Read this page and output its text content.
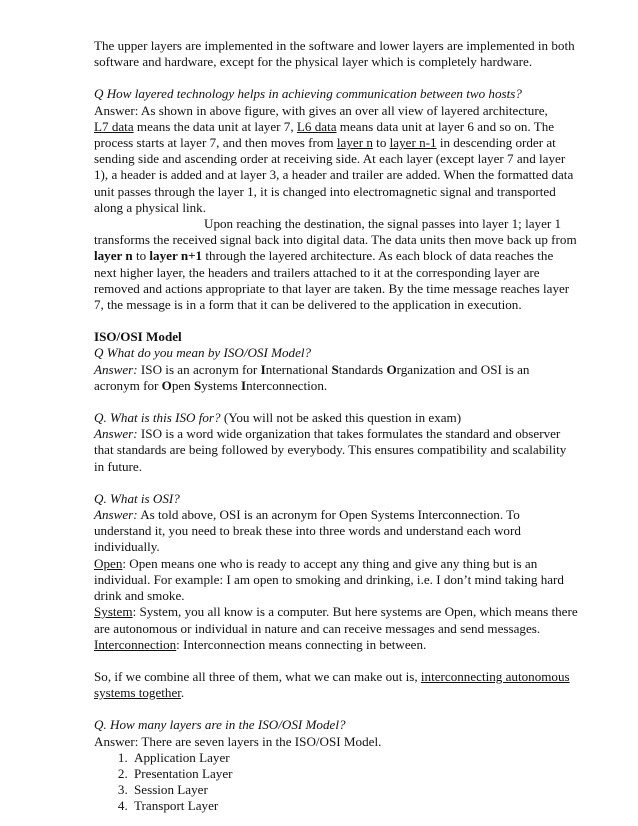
The upper layers are implemented in the software and lower layers are implemented in both software and hardware, except for the physical layer which is completely hardware.

Q How layered technology helps in achieving communication between two hosts?

Answer: As shown in above figure, with gives an over all view of layered architecture,
L7 data means the data unit at layer 7, L6 data means data unit at layer 6 and so on. The process starts at layer 7, and then moves from layer n to layer n-1 in descending order at sending side and ascending order at receiving side. At each layer (except layer 7 and layer 1), a header is added and at layer 3, a header and trailer are added. When the formatted data unit passes through the layer 1, it is changed into electromagnetic signal and transported along a physical link.

Upon reaching the destination, the signal passes into layer 1; layer 1 transforms the received signal back into digital data. The data units then move back up from layer n to layer n+1 through the layered architecture. As each block of data reaches the next higher layer, the headers and trailers attached to it at the corresponding layer are removed and actions appropriate to that layer are taken. By the time message reaches layer 7, the message is in a form that it can be delivered to the application in execution.

ISO/OSI Model

Q What do you mean by ISO/OSI Model?

Answer: ISO is an acronym for International Standards Organization and OSI is an acronym for Open Systems Interconnection.

Q. What is this ISO for? (You will not be asked this question in exam)

Answer: ISO is a word wide organization that takes formulates the standard and observer that standards are being followed by everybody. This ensures compatibility and scalability in future.

Q. What is OSI?

Answer: As told above, OSI is an acronym for Open Systems Interconnection. To understand it, you need to break these into three words and understand each word individually.

Open: Open means one who is ready to accept any thing and give any thing but is an individual. For example: I am open to smoking and drinking, i.e. I don’t mind taking hard drink and smoke.

System: System, you all know is a computer. But here systems are Open, which means there are autonomous or individual in nature and can receive messages and send messages.

Interconnection: Interconnection means connecting in between.

So, if we combine all three of them, what we can make out is, interconnecting autonomous systems together.

Q. How many layers are in the ISO/OSI Model?

Answer: There are seven layers in the ISO/OSI Model.

1. Application Layer
2. Presentation Layer
3. Session Layer
4. Transport Layer
